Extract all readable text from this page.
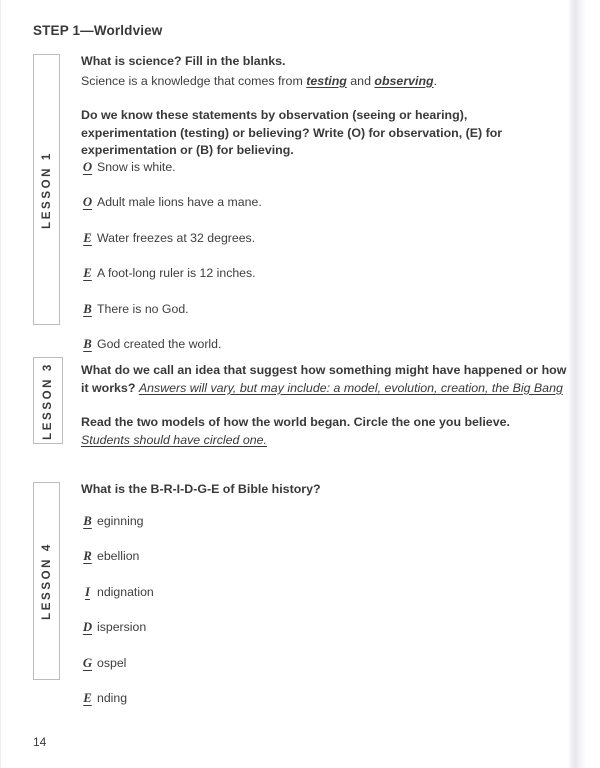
STEP 1—Worldview
LESSON 1

What is science? Fill in the blanks.

Science is a knowledge that comes from testing and observing.

Do we know these statements by observation (seeing or hearing), experimentation (testing) or believing? Write (O) for observation, (E) for experimentation or (B) for believing.

O Snow is white.

O Adult male lions have a mane.

E Water freezes at 32 degrees.

E A foot-long ruler is 12 inches.

B There is no God.

B God created the world.

LESSON 3 What do we call an idea that suggest how something might have happened or how it works? Answers will vary, but may include: a model, evolution, creation, the Big Bang

Read the two models of how the world began. Circle the one you believe. Students should have circled one.

LESSON 4

What is the B-R-I-D-G-E of Bible history?

B eginning

R ebellion

I ndignation

D ispersion

G ospel

E nding

14
